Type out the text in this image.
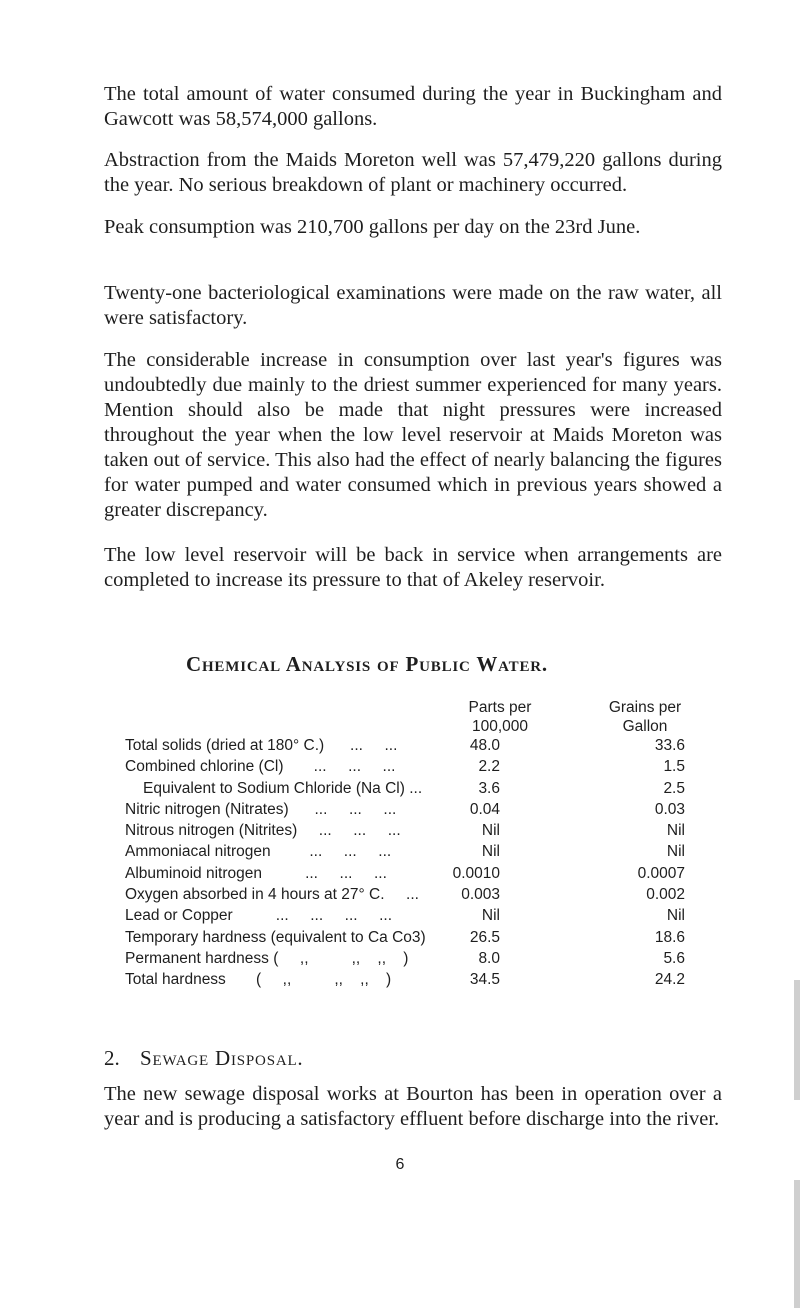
The total amount of water consumed during the year in Buckingham and Gawcott was 58,574,000 gallons.

Abstraction from the Maids Moreton well was 57,479,220 gallons during the year. No serious breakdown of plant or machinery occurred.

Peak consumption was 210,700 gallons per day on the 23rd June.

Twenty-one bacteriological examinations were made on the raw water, all were satisfactory.

The considerable increase in consumption over last year's figures was undoubtedly due mainly to the driest summer experienced for many years. Mention should also be made that night pressures were increased throughout the year when the low level reservoir at Maids Moreton was taken out of service. This also had the effect of nearly balancing the figures for water pumped and water consumed which in previous years showed a greater discrepancy.

The low level reservoir will be back in service when arrangements are completed to increase its pressure to that of Akeley reservoir.

Chemical Analysis of Public Water.
Parts per
100,000
Grains per
Gallon
Total solids (dried at 180° C.)      ...     ...	48.0	33.6
Combined chlorine (Cl)       ...     ...     ...	2.2	1.5
Equivalent to Sodium Chloride (Na Cl) ...	3.6	2.5
Nitric nitrogen (Nitrates)      ...     ...     ...	0.04	0.03
Nitrous nitrogen (Nitrites)     ...     ...     ...	Nil	Nil
Ammoniacal nitrogen         ...     ...     ...	Nil	Nil
Albuminoid nitrogen          ...     ...     ...	0.0010	0.0007
Oxygen absorbed in 4 hours at 27° C.     ...	0.003	0.002
Lead or Copper          ...     ...     ...     ...	Nil	Nil
Temporary hardness (equivalent to Ca Co3)	26.5	18.6
Permanent hardness (     ,,          ,,    ,,    )	8.0	5.6
Total hardness       (     ,,          ,,    ,,    )	34.5	24.2

2. Sewage Disposal.

The new sewage disposal works at Bourton has been in operation over a year and is producing a satisfactory effluent before discharge into the river.

6
